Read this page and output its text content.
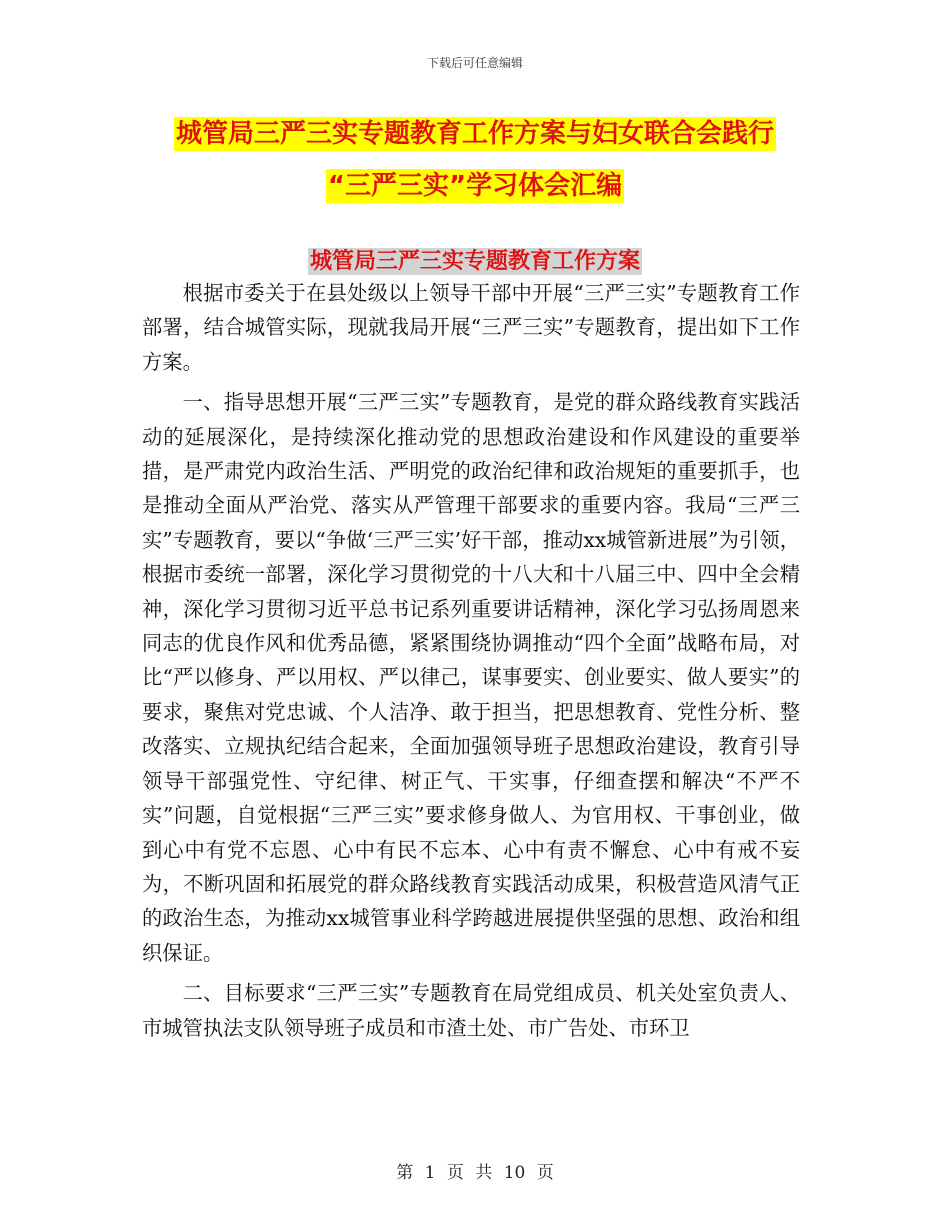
下载后可任意编辑
城管局三严三实专题教育工作方案与妇女联合会践行
“三严三实”学习体会汇编
城管局三严三实专题教育工作方案

根据市委关于在县处级以上领导干部中开展“三严三实”专题教育工作部署，结合城管实际，现就我局开展“三严三实”专题教育，提出如下工作方案。

一、指导思想开展“三严三实”专题教育，是党的群众路线教育实践活动的延展深化，是持续深化推动党的思想政治建设和作风建设的重要举措，是严肃党内政治生活、严明党的政治纪律和政治规矩的重要抓手，也是推动全面从严治党、落实从严管理干部要求的重要内容。我局“三严三实”专题教育，要以“争做‘三严三实’好干部，推动xx城管新进展”为引领，根据市委统一部署，深化学习贯彻党的十八大和十八届三中、四中全会精神，深化学习贯彻习近平总书记系列重要讲话精神，深化学习弘扬周恩来同志的优良作风和优秀品德，紧紧围绕协调推动“四个全面”战略布局，对比“严以修身、严以用权、严以律己，谋事要实、创业要实、做人要实”的要求，聚焦对党忠诚、个人洁净、敢于担当，把思想教育、党性分析、整改落实、立规执纪结合起来，全面加强领导班子思想政治建设，教育引导领导干部强党性、守纪律、树正气、干实事，仔细查摆和解决“不严不实”问题，自觉根据“三严三实”要求修身做人、为官用权、干事创业，做到心中有党不忘恩、心中有民不忘本、心中有责不懈怠、心中有戒不妄为，不断巩固和拓展党的群众路线教育实践活动成果，积极营造风清气正的政治生态，为推动xx城管事业科学跨越进展提供坚强的思想、政治和组织保证。

二、目标要求“三严三实”专题教育在局党组成员、机关处室负责人、市城管执法支队领导班子成员和市渣土处、市广告处、市环卫

第 1 页 共 10 页
